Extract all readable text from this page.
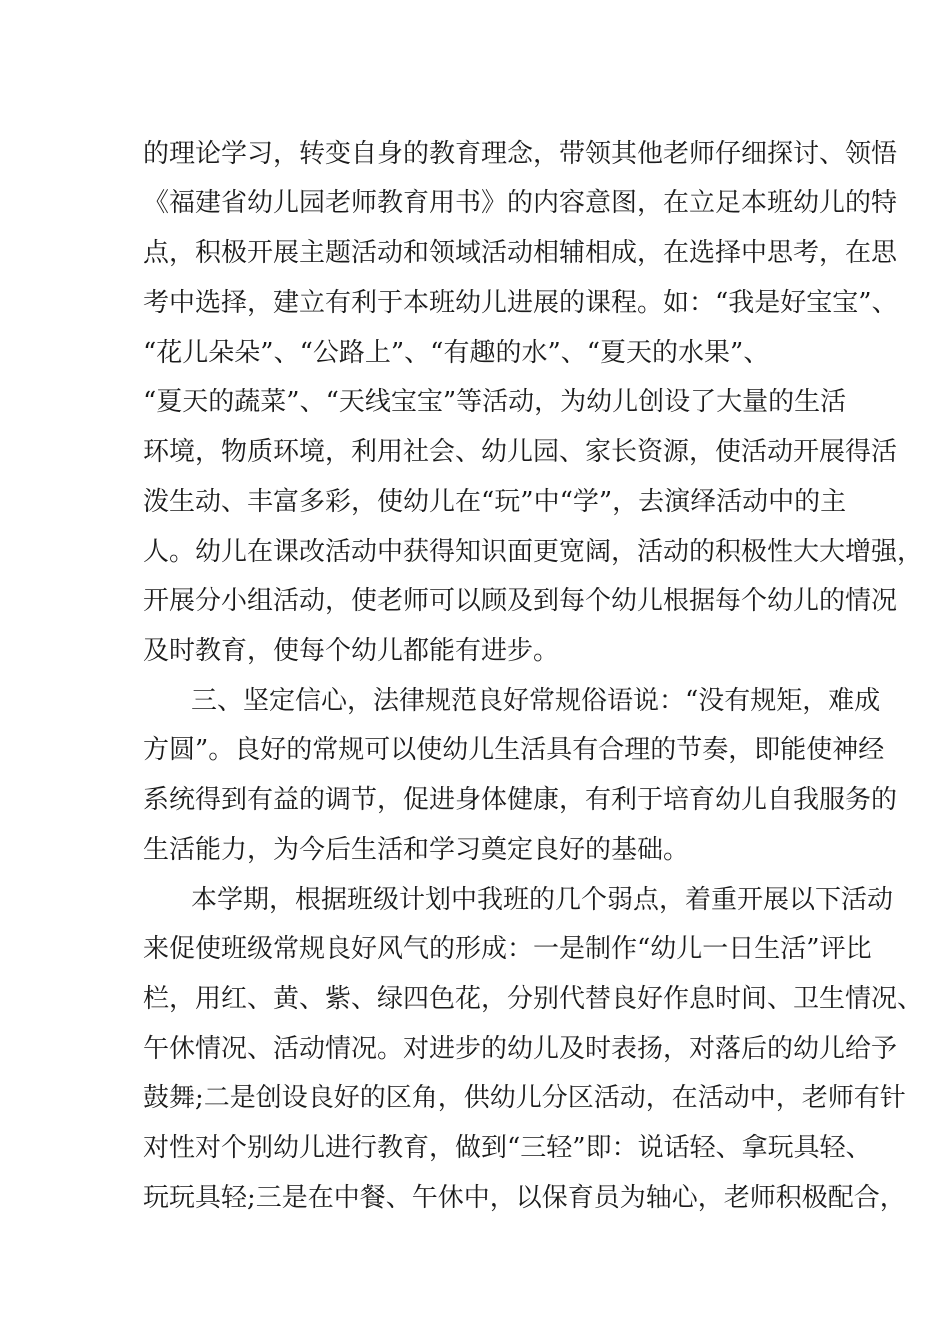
的理论学习，转变自身的教育理念，带领其他老师仔细探讨、领悟
《福建省幼儿园老师教育用书》的内容意图，在立足本班幼儿的特
点，积极开展主题活动和领域活动相辅相成，在选择中思考，在思
考中选择，建立有利于本班幼儿进展的课程。如：“我是好宝宝”、
“花儿朵朵”、“公路上”、“有趣的水”、“夏天的水果”、
“夏天的蔬菜”、“天线宝宝”等活动，为幼儿创设了大量的生活
环境，物质环境，利用社会、幼儿园、家长资源，使活动开展得活
泼生动、丰富多彩，使幼儿在“玩”中“学”，去演绎活动中的主
人。幼儿在课改活动中获得知识面更宽阔，活动的积极性大大增强，
开展分小组活动，使老师可以顾及到每个幼儿根据每个幼儿的情况
及时教育，使每个幼儿都能有进步。
三、坚定信心，法律规范良好常规俗语说：“没有规矩，难成
方圆”。良好的常规可以使幼儿生活具有合理的节奏，即能使神经
系统得到有益的调节，促进身体健康，有利于培育幼儿自我服务的
生活能力，为今后生活和学习奠定良好的基础。
本学期，根据班级计划中我班的几个弱点，着重开展以下活动
来促使班级常规良好风气的形成：一是制作“幼儿一日生活”评比
栏，用红、黄、紫、绿四色花，分别代替良好作息时间、卫生情况、
午休情况、活动情况。对进步的幼儿及时表扬，对落后的幼儿给予
鼓舞;二是创设良好的区角，供幼儿分区活动，在活动中，老师有针
对性对个别幼儿进行教育，做到“三轻”即：说话轻、拿玩具轻、
玩玩具轻;三是在中餐、午休中，以保育员为轴心，老师积极配合，
